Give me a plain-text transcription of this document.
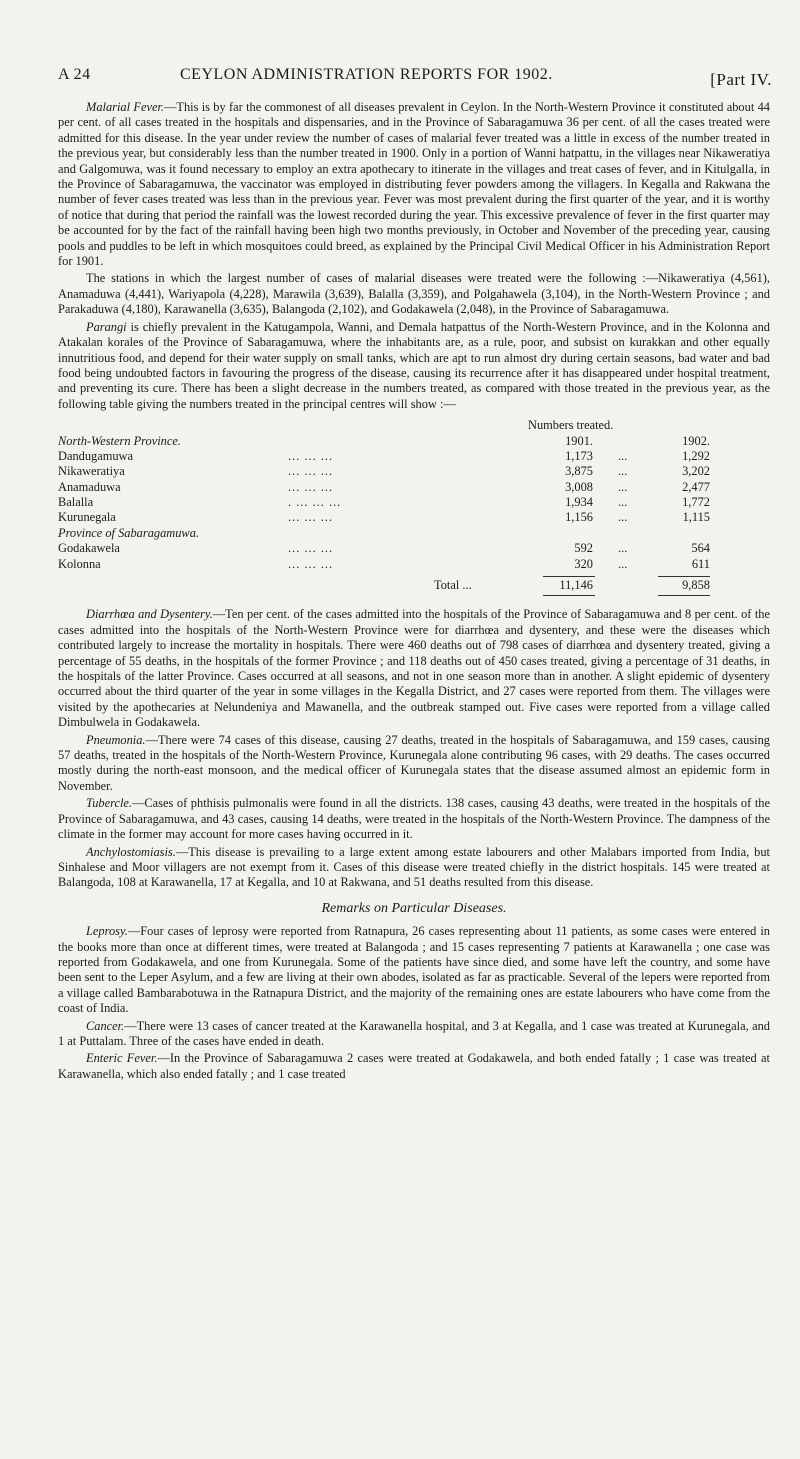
A 24	CEYLON ADMINISTRATION REPORTS FOR 1902.	[Part IV.

Malarial Fever.—This is by far the commonest of all diseases prevalent in Ceylon. In the North-Western Province it constituted about 44 per cent. of all cases treated in the hospitals and dispensaries, and in the Province of Sabaragamuwa 36 per cent. of all the cases treated were admitted for this disease. In the year under review the number of cases of malarial fever treated was a little in excess of the number treated in the previous year, but considerably less than the number treated in 1900. Only in a portion of Wanni hatpattu, in the villages near Nikaweratiya and Galgomuwa, was it found necessary to employ an extra apothecary to itinerate in the villages and treat cases of fever, and in Kitulgalla, in the Province of Sabaragamuwa, the vaccinator was employed in distributing fever powders among the villagers. In Kegalla and Rakwana the number of fever cases treated was less than in the previous year. Fever was most prevalent during the first quarter of the year, and it is worthy of notice that during that period the rainfall was the lowest recorded during the year. This excessive prevalence of fever in the first quarter may be accounted for by the fact of the rainfall having been high two months previously, in October and November of the preceding year, causing pools and puddles to be left in which mosquitoes could breed, as explained by the Principal Civil Medical Officer in his Administration Report for 1901.

The stations in which the largest number of cases of malarial diseases were treated were the following :—Nikaweratiya (4,561), Anamaduwa (4,441), Wariyapola (4,228), Marawila (3,639), Balalla (3,359), and Polgahawela (3,104), in the North-Western Province ; and Parakaduwa (4,180), Karawanella (3,635), Balangoda (2,102), and Godakawela (2,048), in the Province of Sabaragamuwa.

Parangi is chiefly prevalent in the Katugampola, Wanni, and Demala hatpattus of the North-Western Province, and in the Kolonna and Atakalan korales of the Province of Sabaragamuwa, where the inhabitants are, as a rule, poor, and subsist on kurakkan and other equally innutritious food, and depend for their water supply on small tanks, which are apt to run almost dry during certain seasons, bad water and bad food being undoubted factors in favouring the progress of the disease, causing its recurrence after it has disappeared under hospital treatment, and preventing its cure. There has been a slight decrease in the numbers treated, as compared with those treated in the previous year, as the following table giving the numbers treated in the principal centres will show :—

Numbers treated.
North-Western Province.	1901.	1902.
Dandugamuwa	... ... ...	1,173 ...	1,292
Nikaweratiya	... ... ...	3,875 ...	3,202
Anamaduwa	... ... ...	3,008 ...	2,477
Balalla	. ... ... ...	1,934 ...	1,772
Kurunegala	... ... ...	1,156 ...	1,115
Province of Sabaragamuwa.
Godakawela	... ... ...	592 ...	564
Kolonna	... ... ...	320 ...	611
Total ...	11,146	9,858

Diarrhœa and Dysentery.—Ten per cent. of the cases admitted into the hospitals of the Province of Sabaragamuwa and 8 per cent. of the cases admitted into the hospitals of the North-Western Province were for diarrhœa and dysentery, and these were the diseases which contributed largely to increase the mortality in hospitals. There were 460 deaths out of 798 cases of diarrhœa and dysentery treated, giving a percentage of 55 deaths, in the hospitals of the former Province ; and 118 deaths out of 450 cases treated, giving a percentage of 31 deaths, in the hospitals of the latter Province. Cases occurred at all seasons, and not in one season more than in another. A slight epidemic of dysentery occurred about the third quarter of the year in some villages in the Kegalla District, and 27 cases were reported from them. The villages were visited by the apothecaries at Nelundeniya and Mawanella, and the outbreak stamped out. Five cases were reported from a village called Dimbulwela in Godakawela.

Pneumonia.—There were 74 cases of this disease, causing 27 deaths, treated in the hospitals of Sabaragamuwa, and 159 cases, causing 57 deaths, treated in the hospitals of the North-Western Province, Kurunegala alone contributing 96 cases, with 29 deaths. The cases occurred mostly during the north-east monsoon, and the medical officer of Kurunegala states that the disease assumed almost an epidemic form in November.

Tubercle.—Cases of phthisis pulmonalis were found in all the districts. 138 cases, causing 43 deaths, were treated in the hospitals of the Province of Sabaragamuwa, and 43 cases, causing 14 deaths, were treated in the hospitals of the North-Western Province. The dampness of the climate in the former may account for more cases having occurred in it.

Anchylostomiasis.—This disease is prevailing to a large extent among estate labourers and other Malabars imported from India, but Sinhalese and Moor villagers are not exempt from it. Cases of this disease were treated chiefly in the district hospitals. 145 were treated at Balangoda, 108 at Karawanella, 17 at Kegalla, and 10 at Rakwana, and 51 deaths resulted from this disease.

Remarks on Particular Diseases.

Leprosy.—Four cases of leprosy were reported from Ratnapura, 26 cases representing about 11 patients, as some cases were entered in the books more than once at different times, were treated at Balangoda ; and 15 cases representing 7 patients at Karawanella ; one case was reported from Godakawela, and one from Kurunegala. Some of the patients have since died, and some have left the country, and some have been sent to the Leper Asylum, and a few are living at their own abodes, isolated as far as practicable. Several of the lepers were reported from a village called Bambarabotuwa in the Ratnapura District, and the majority of the remaining ones are estate labourers who have come from the coast of India.

Cancer.—There were 13 cases of cancer treated at the Karawanella hospital, and 3 at Kegalla, and 1 case was treated at Kurunegala, and 1 at Puttalam. Three of the cases have ended in death.

Enteric Fever.—In the Province of Sabaragamuwa 2 cases were treated at Godakawela, and both ended fatally ; 1 case was treated at Karawanella, which also ended fatally ; and 1 case treated
